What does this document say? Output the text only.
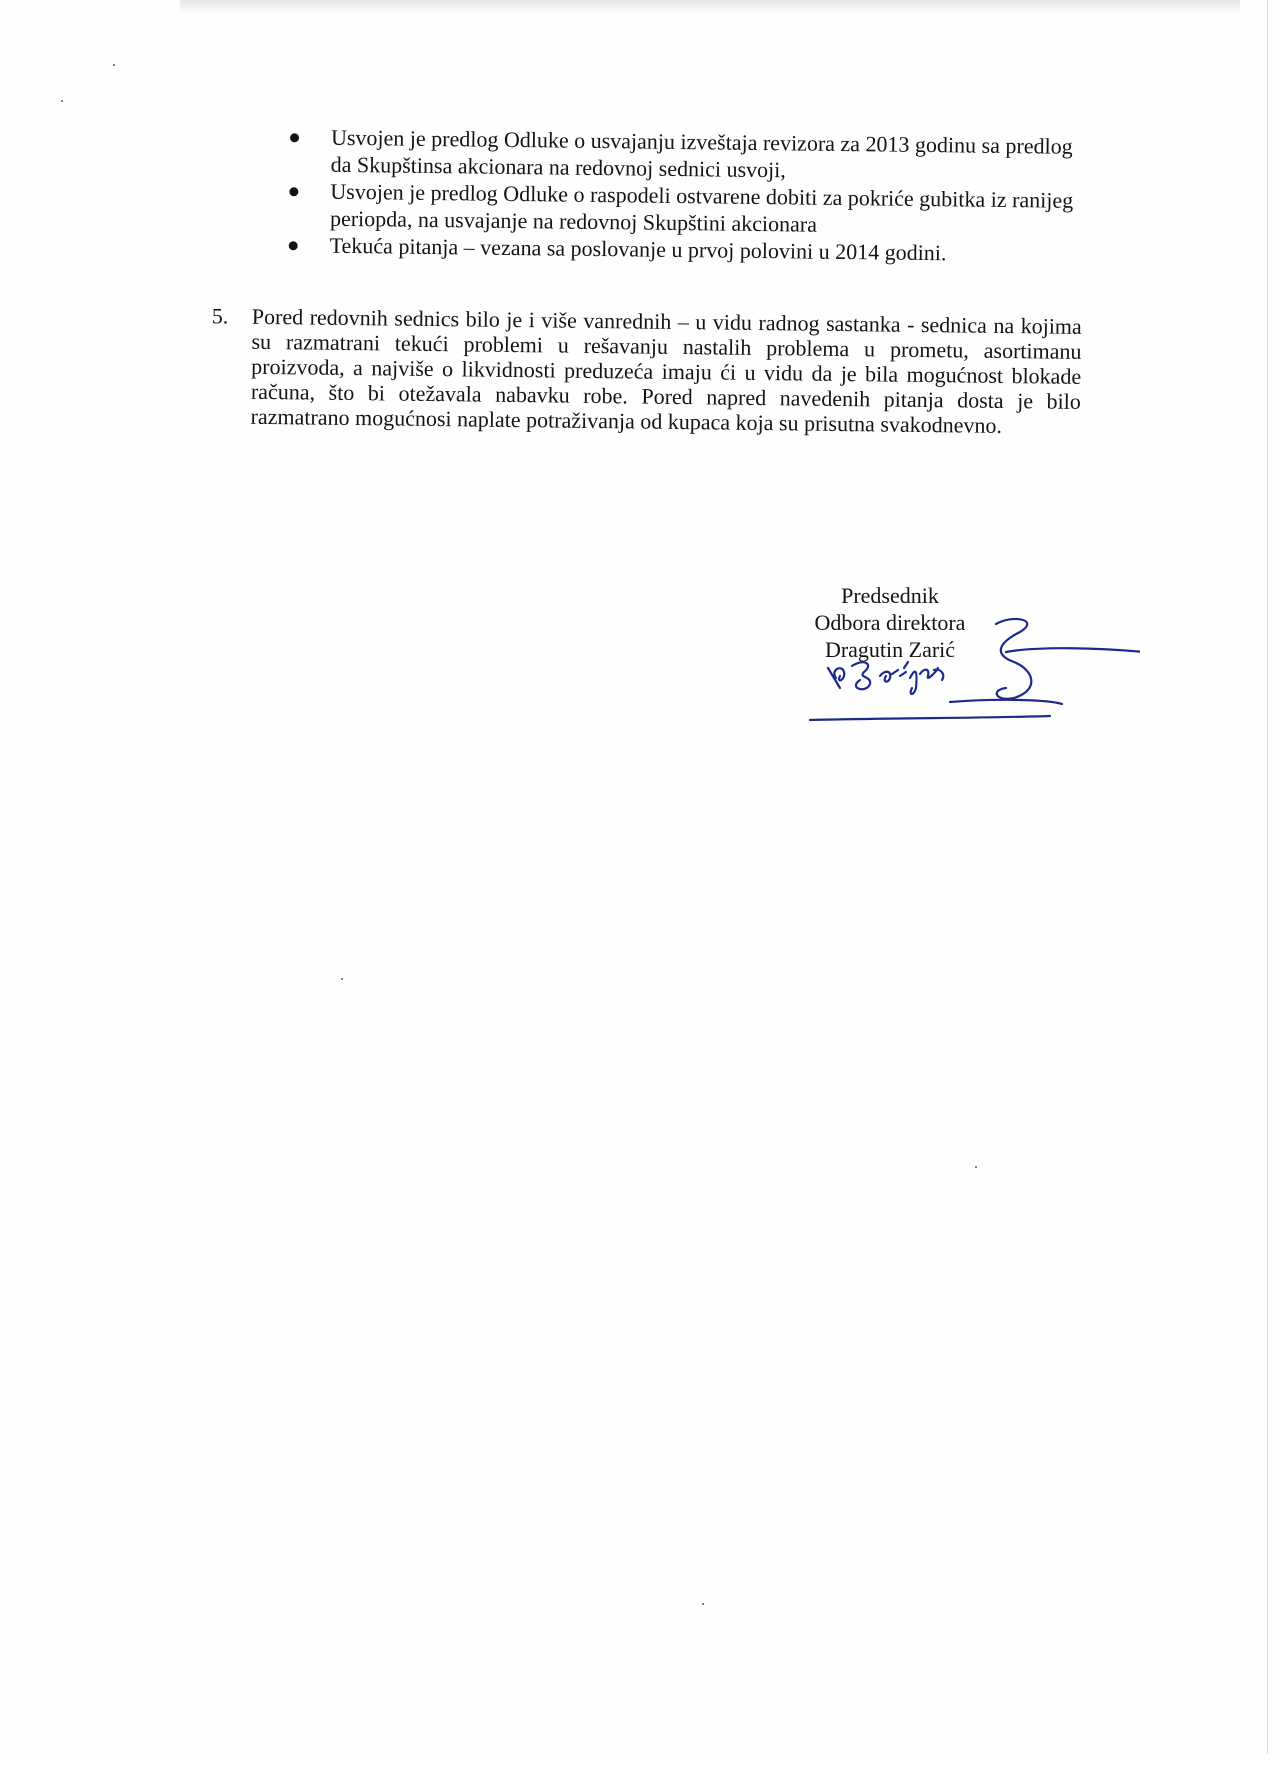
Usvojen je predlog Odluke o usvajanju izveštaja revizora za 2013 godinu sa predlog da Skupštinsa akcionara na redovnoj sednici usvoji,
Usvojen je predlog Odluke o raspodeli ostvarene dobiti za pokriće gubitka iz ranijeg periopda, na usvajanje na redovnoj Skupštini akcionara
Tekuća pitanja – vezana sa poslovanje u prvoj polovini u 2014 godini.
5. Pored redovnih sednics bilo je i više vanrednih – u vidu radnog sastanka - sednica na kojima su razmatrani tekući problemi u rešavanju nastalih problema u prometu, asortimanu proizvoda, a najviše o likvidnosti preduzeća imaju ći u vidu da je bila mogućnost blokade računa, što bi otežavala nabavku robe. Pored napred navedenih pitanja dosta je bilo razmatrano mogućnosi naplate potraživanja od kupaca koja su prisutna svakodnevno.
Predsednik
Odbora direktora
Dragutin Zarić
